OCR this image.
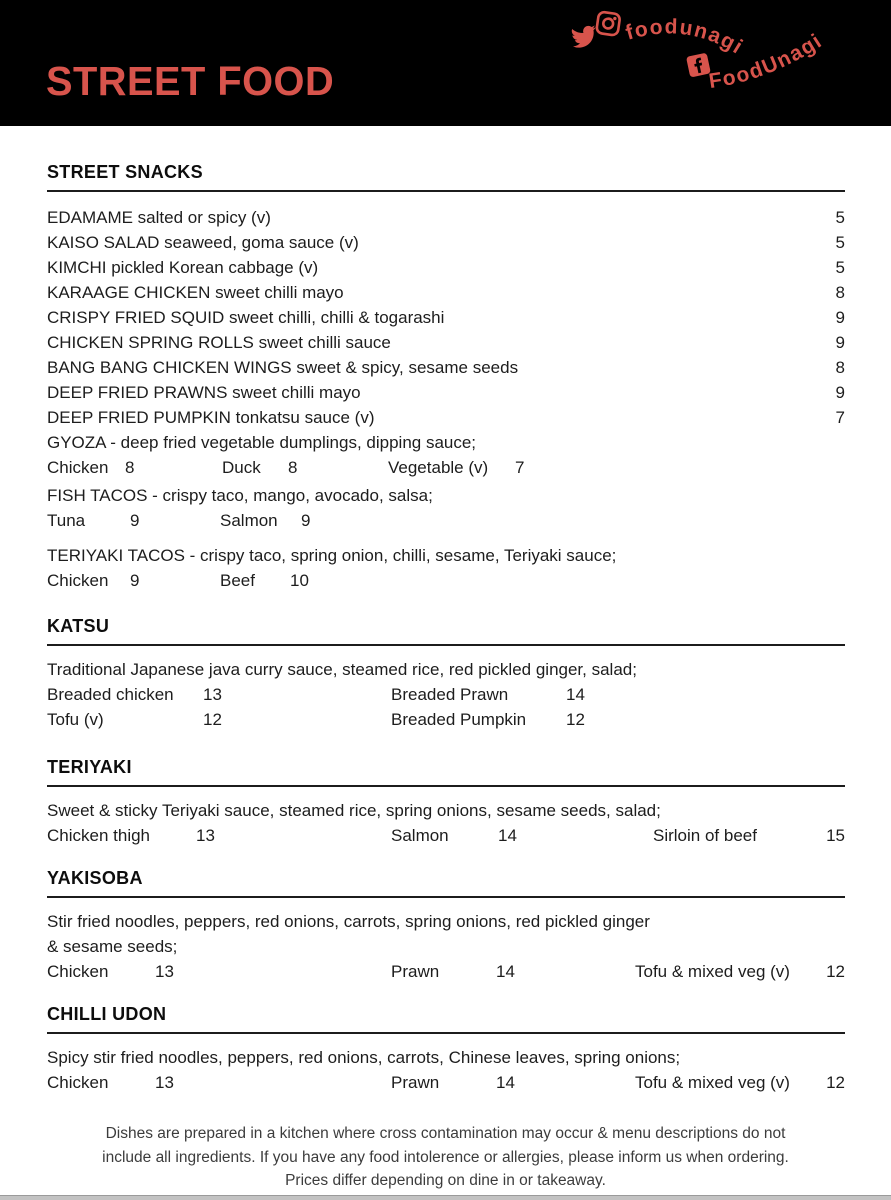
STREET FOOD
foodunagi
FoodUnagi
STREET SNACKS
EDAMAME salted or spicy (v)	5
KAISO SALAD seaweed, goma sauce (v)	5
KIMCHI pickled Korean cabbage (v)	5
KARAAGE CHICKEN sweet chilli mayo	8
CRISPY FRIED SQUID sweet chilli, chilli & togarashi	9
CHICKEN SPRING ROLLS sweet chilli sauce	9
BANG BANG CHICKEN WINGS sweet & spicy, sesame seeds	8
DEEP FRIED PRAWNS sweet chilli mayo	9
DEEP FRIED PUMPKIN tonkatsu sauce (v)	7
GYOZA - deep fried vegetable dumplings, dipping sauce;
Chicken 8	Duck	8	Vegetable (v)	7
FISH TACOS - crispy taco, mango, avocado, salsa;
Tuna	9	Salmon	9
TERIYAKI TACOS - crispy taco, spring onion, chilli, sesame, Teriyaki sauce;
Chicken	9	Beef	10
KATSU
Traditional Japanese java curry sauce, steamed rice, red pickled ginger, salad;
Breaded chicken	13	Breaded Prawn	14
Tofu (v)	12	Breaded Pumpkin	12
TERIYAKI
Sweet & sticky Teriyaki sauce, steamed rice, spring onions, sesame seeds, salad;
Chicken thigh	13	Salmon	14	Sirloin of beef	15
YAKISOBA
Stir fried noodles, peppers, red onions, carrots, spring onions, red pickled ginger
& sesame seeds;
Chicken	13	Prawn	14	Tofu & mixed veg (v)	12
CHILLI UDON
Spicy stir fried noodles, peppers, red onions, carrots, Chinese leaves, spring onions;
Chicken	13	Prawn	14	Tofu & mixed veg (v)	12
Dishes are prepared in a kitchen where cross contamination may occur & menu descriptions do not
include all ingredients. If you have any food intolerence or allergies, please inform us when ordering.
Prices differ depending on dine in or takeaway.
